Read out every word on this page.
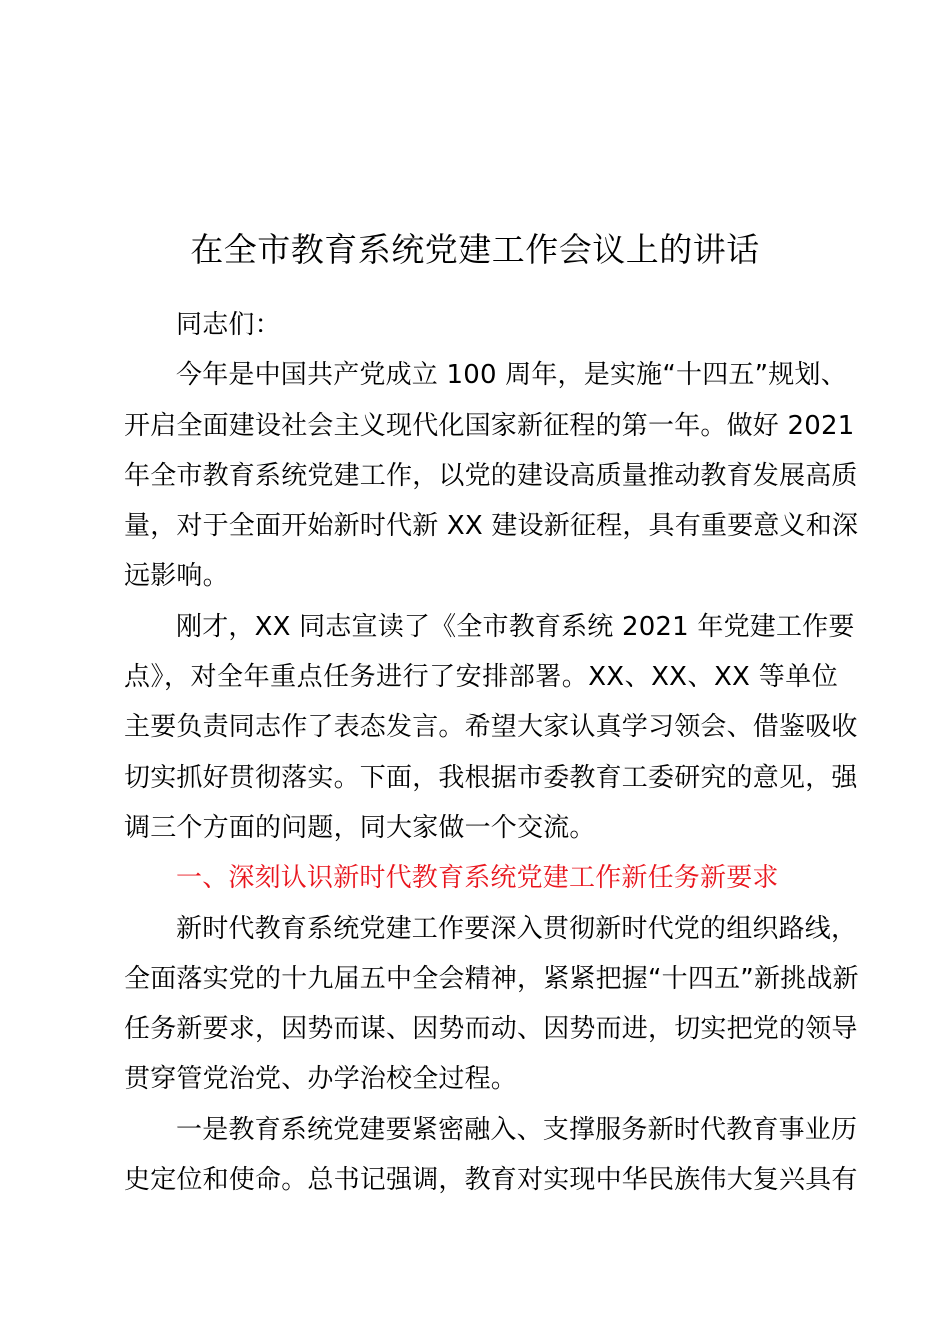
在全市教育系统党建工作会议上的讲话
同志们：
今年是中国共产党成立 100 周年，是实施“十四五”规划、
开启全面建设社会主义现代化国家新征程的第一年。做好 2021
年全市教育系统党建工作，以党的建设高质量推动教育发展高质
量，对于全面开始新时代新 XX 建设新征程，具有重要意义和深
远影响。
刚才，XX 同志宣读了《全市教育系统 2021 年党建工作要
点》，对全年重点任务进行了安排部署。XX、XX、XX 等单位
主要负责同志作了表态发言。希望大家认真学习领会、借鉴吸收
切实抓好贯彻落实。下面，我根据市委教育工委研究的意见，强
调三个方面的问题，同大家做一个交流。
一、深刻认识新时代教育系统党建工作新任务新要求
新时代教育系统党建工作要深入贯彻新时代党的组织路线，
全面落实党的十九届五中全会精神，紧紧把握“十四五”新挑战新
任务新要求，因势而谋、因势而动、因势而进，切实把党的领导
贯穿管党治党、办学治校全过程。
一是教育系统党建要紧密融入、支撑服务新时代教育事业历
史定位和使命。总书记强调，教育对实现中华民族伟大复兴具有
